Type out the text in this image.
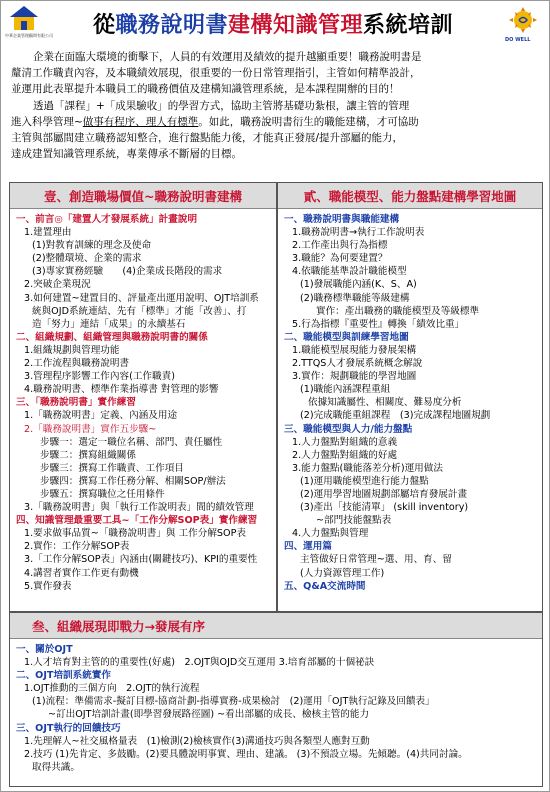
中華企業管理顧問有限公司	從職務說明書建構知識管理系統培訓
DO WELL

企業在面臨大環境的衝擊下，人員的有效運用及績效的提升越顯重要！職務說明書是

釐清工作職責內容，及本職績效展現，很重要的一份日常管理指引，主管如何精準設計，

並運用此表單提升本職員工的職務價值及建構知識管理系統，是本課程開辦的目的！

透過「課程」+「成果驗收」的學習方式，協助主管將基礎功紮根，讓主管的管理

進入科學管理~做事有程序、理人有標準。如此，職務說明書衍生的職能建構，才可協助

主管與部屬間建立職務認知整合，進行盤點能力後，才能真正發展/提升部屬的能力，

達成建置知識管理系統，專業傳承不斷層的目標。

壹、創造職場價值~職務說明書建構
一、前言◎「建置人才發展系統」計畫說明
1.建置理由
(1)對教育訓練的理念及使命
(2)整體環境、企業的需求
(3)專家實務經驗　　(4)企業成長階段的需求
2.突破企業現況
3.如何建置~建置目的、評量產出運用說明、OJT培訓系
統與OJD系統連結、先有「標準」才能「改善」、打
造「努力」連結「成果」的永續基石
二、組織規劃、組織管理與職務說明書的關係
1.組織規劃與管理功能
2.工作流程與職務說明書
3.管理程序影響工作內容(工作職責)
4.職務說明書、標準作業指導書 對管理的影響
三、「職務說明書」實作練習
1.「職務說明書」定義、內涵及用途
2.「職務說明書」實作五步驟~
步驟一：選定一職位名稱、部門、責任屬性
步驟二：撰寫組織關係
步驟三：撰寫工作職責、工作項目
步驟四：撰寫工作任務分解、相關SOP/辦法
步驟五：撰寫職位之任用條件
3.「職務說明書」與「執行工作說明表」間的績效管理
四、知識管理最重要工具~「工作分解SOP表」實作練習
1.要求做事品質~「職務說明書」與 工作分解SOP表
2.實作：工作分解SOP表
3.「工作分解SOP表」內涵由(關鍵技巧)、KPI的重要性
4.講習者實作工作更有動機
5.實作發表
貳、職能模型、能力盤點建構學習地圖
一、職務說明書與職能建構
1.職務說明書→執行工作說明表
2.工作產出與行為指標
3.職能？為何要建置？
4.依職能基準設計職能模型
(1)發展職能內涵(K、S、A)
(2)職務標準職能等級建構
實作：產出職務的職能模型及等級標準
5.行為指標『重要性』轉換「績效比重」
二、職能模型與訓練學習地圖
1.職能模型展現能力發展架構
2.TTQS人才發展系統概念解說
3.實作：規劃職能的學習地圖
(1)職能內涵課程重組
依據知識屬性、相關度、難易度分析
(2)完成職能重組課程　(3)完成課程地圖規劃
三、職能模型與人力/能力盤點
1.人力盤點對組織的意義
2.人力盤點對組織的好處
3.能力盤點(職能落差分析)運用做法
(1)運用職能模型進行能力盤點
(2)運用學習地圖規劃部屬培育發展計畫
(3)產出「技能清單」 (skill inventory)
~部門技能盤點表
4.人力盤點與管理
四、運用篇
主管做好日常管理~選、用、育、留
(人力資源管理工作)
五、Q&A交流時間
叁、組織展現即戰力→發展有序
一、關於OJT
1.人才培育對主管的的重要性(好處)　2.OJT與OJD交互運用 3.培育部屬的十個祕訣
二、OJT培訓系統實作
1.OJT推動的三個方向　2.OJT的執行流程
(1)流程：準備需求-擬訂目標-協商計劃-指導實務-成果檢討　(2)運用「OJT執行記錄及回饋表」
~訂出OJT培訓計畫(即學習發展路徑圖) ~看出部屬的成長、檢核主管的能力
三、OJT執行的回饋技巧
1.先理解人~社交風格量表　(1)檢測(2)檢核實作(3)溝通技巧與各類型人應對互動
2.技巧 (1)先肯定、多鼓勵。(2)要具體說明事實、理由、建議。 (3)不預設立場。先傾聽。(4)共同討論。
取得共識。
